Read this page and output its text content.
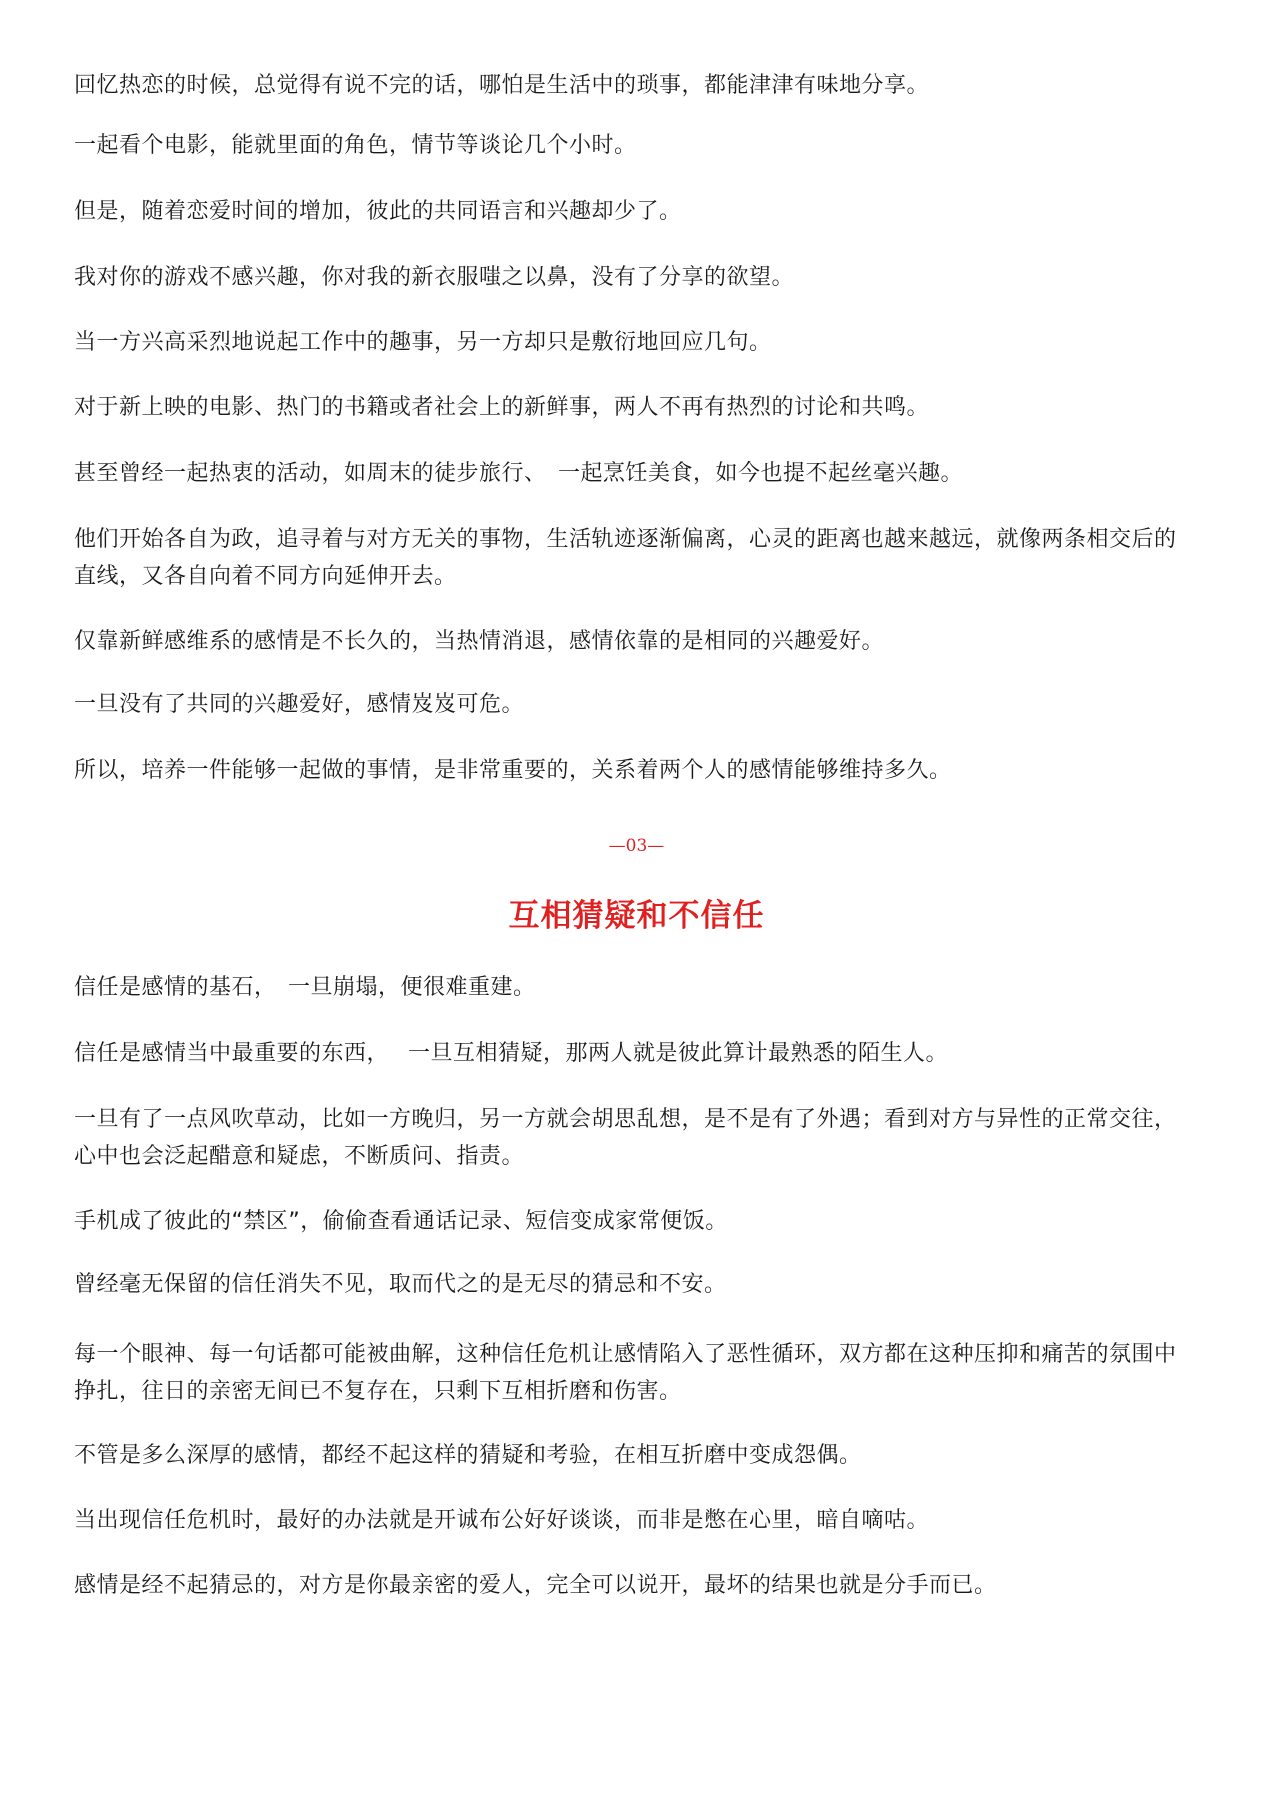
回忆热恋的时候，总觉得有说不完的话，哪怕是生活中的琐事，都能津津有味地分享。

一起看个电影，能就里面的角色，情节等谈论几个小时。

但是，随着恋爱时间的增加，彼此的共同语言和兴趣却少了。

我对你的游戏不感兴趣，你对我的新衣服嗤之以鼻，没有了分享的欲望。

当一方兴高采烈地说起工作中的趣事，另一方却只是敷衍地回应几句。

对于新上映的电影、热门的书籍或者社会上的新鲜事，两人不再有热烈的讨论和共鸣。

甚至曾经一起热衷的活动，如周末的徒步旅行、　一起烹饪美食，如今也提不起丝毫兴趣。

他们开始各自为政，追寻着与对方无关的事物，生活轨迹逐渐偏离，心灵的距离也越来越远，就像两条相交后的直线，又各自向着不同方向延伸开去。

仅靠新鲜感维系的感情是不长久的，当热情消退，感情依靠的是相同的兴趣爱好。

一旦没有了共同的兴趣爱好，感情岌岌可危。

所以，培养一件能够一起做的事情，是非常重要的，关系着两个人的感情能够维持多久。

—03—
互相猜疑和不信任

信任是感情的基石，　一旦崩塌，便很难重建。

信任是感情当中最重要的东西，　 一旦互相猜疑，那两人就是彼此算计最熟悉的陌生人。

一旦有了一点风吹草动，比如一方晚归，另一方就会胡思乱想，是不是有了外遇；看到对方与异性的正常交往，心中也会泛起醋意和疑虑，不断质问、指责。

手机成了彼此的“禁区”，偷偷查看通话记录、短信变成家常便饭。

曾经毫无保留的信任消失不见，取而代之的是无尽的猜忌和不安。

每一个眼神、每一句话都可能被曲解，这种信任危机让感情陷入了恶性循环，双方都在这种压抑和痛苦的氛围中挣扎，往日的亲密无间已不复存在，只剩下互相折磨和伤害。

不管是多么深厚的感情，都经不起这样的猜疑和考验，在相互折磨中变成怨偶。

当出现信任危机时，最好的办法就是开诚布公好好谈谈，而非是憋在心里，暗自嘀咕。

感情是经不起猜忌的，对方是你最亲密的爱人，完全可以说开，最坏的结果也就是分手而已。
